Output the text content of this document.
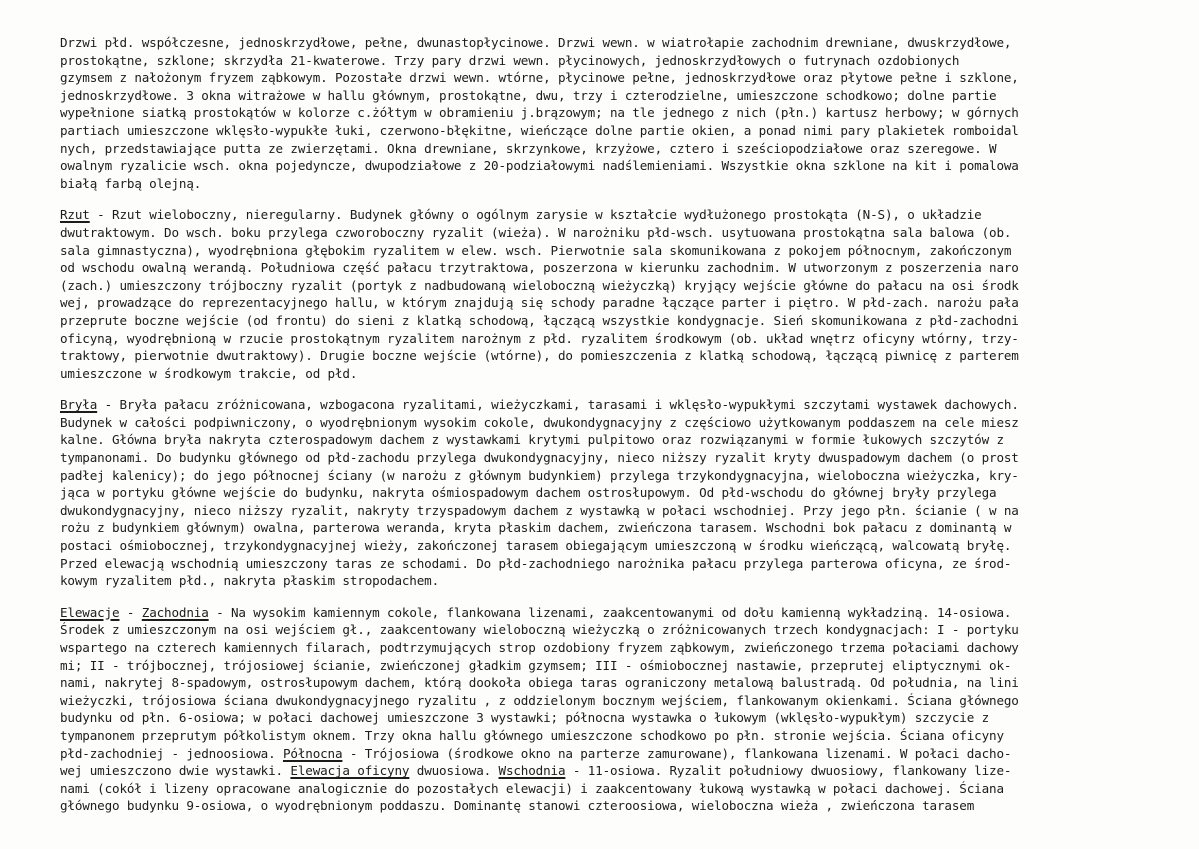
Drzwi płd. współczesne, jednoskrzydłowe, pełne, dwunastopłycinowe. Drzwi wewn. w wiatrołapie zachodnim drewniane, dwuskrzydłowe,
prostokątne, szklone; skrzydła 21-kwaterowe. Trzy pary drzwi wewn. płycinowych, jednoskrzydłowych o futrynach ozdobionych
gzymsem z nałożonym fryzem ząbkowym. Pozostałe drzwi wewn. wtórne, płycinowe pełne, jednoskrzydłowe oraz płytowe pełne i szklone,
jednoskrzydłowe. 3 okna witrażowe w hallu głównym, prostokątne, dwu, trzy i czterodzielne, umieszczone schodkowo; dolne partie
wypełnione siatką prostokątów w kolorze c.żółtym w obramieniu j.brązowym; na tle jednego z nich (płn.) kartusz herbowy; w górnych
partiach umieszczone wklęsło-wypukłe łuki, czerwono-błękitne, wieńczące dolne partie okien, a ponad nimi pary plakietek romboidal
nych, przedstawiające putta ze zwierzętami. Okna drewniane, skrzynkowe, krzyżowe, cztero i sześciopodziałowe oraz szeregowe. W
owalnym ryzalicie wsch. okna pojedyncze, dwupodziałowe z 20-podziałowymi nadślemieniami. Wszystkie okna szklone na kit i pomalowa
białą farbą olejną.
Rzut - Rzut wieloboczny, nieregularny. Budynek główny o ogólnym zarysie w kształcie wydłużonego prostokąta (N-S), o układzie
dwutraktowym. Do wsch. boku przylega czworoboczny ryzalit (wieża). W narożniku płd-wsch. usytuowana prostokątna sala balowa (ob.
sala gimnastyczna), wyodrębniona głębokim ryzalitem w elew. wsch. Pierwotnie sala skomunikowana z pokojem północnym, zakończonym
od wschodu owalną werandą. Południowa część pałacu trzytraktowa, poszerzona w kierunku zachodnim. W utworzonym z poszerzenia naro
(zach.) umieszczony trójboczny ryzalit (portyk z nadbudowaną wieloboczną wieżyczką) kryjący wejście główne do pałacu na osi środk
wej, prowadzące do reprezentacyjnego hallu, w którym znajdują się schody paradne łączące parter i piętro. W płd-zach. narożu pała
przeprute boczne wejście (od frontu) do sieni z klatką schodową, łączącą wszystkie kondygnacje. Sień skomunikowana z płd-zachodni
oficyną, wyodrębnioną w rzucie prostokątnym ryzalitem narożnym z płd. ryzalitem środkowym (ob. układ wnętrz oficyny wtórny, trzy-
traktowy, pierwotnie dwutraktowy). Drugie boczne wejście (wtórne), do pomieszczenia z klatką schodową, łączącą piwnicę z parterem
umieszczone w środkowym trakcie, od płd.
Bryła - Bryła pałacu zróżnicowana, wzbogacona ryzalitami, wieżyczkami, tarasami i wklęsło-wypukłymi szczytami wystawek dachowych.
Budynek w całości podpiwniczony, o wyodrębnionym wysokim cokole, dwukondygnacyjny z częściowo użytkowanym poddaszem na cele miesz
kalne. Główna bryła nakryta czterospadowym dachem z wystawkami krytymi pulpitowo oraz rozwiązanymi w formie łukowych szczytów z
tympanonami. Do budynku głównego od płd-zachodu przylega dwukondygnacyjny, nieco niższy ryzalit kryty dwuspadowym dachem (o prost
padłej kalenicy); do jego północnej ściany (w narożu z głównym budynkiem) przylega trzykondygnacyjna, wieloboczna wieżyczka, kry-
jąca w portyku główne wejście do budynku, nakryta ośmiospadowym dachem ostrosłupowym. Od płd-wschodu do głównej bryły przylega
dwukondygnacyjny, nieco niższy ryzalit, nakryty trzyspadowym dachem z wystawką w połaci wschodniej. Przy jego płn. ścianie ( w na
rożu z budynkiem głównym) owalna, parterowa weranda, kryta płaskim dachem, zwieńczona tarasem. Wschodni bok pałacu z dominantą w
postaci ośmiobocznej, trzykondygnacyjnej wieży, zakończonej tarasem obiegającym umieszczoną w środku wieńczącą, walcowatą bryłę.
Przed elewacją wschodnią umieszczony taras ze schodami. Do płd-zachodniego narożnika pałacu przylega parterowa oficyna, ze środ-
kowym ryzalitem płd., nakryta płaskim stropodachem.
Elewacje - Zachodnia - Na wysokim kamiennym cokole, flankowana lizenami, zaakcentowanymi od dołu kamienną wykładziną. 14-osiowa.
Środek z umieszczonym na osi wejściem gł., zaakcentowany wieloboczną wieżyczką o zróżnicowanych trzech kondygnacjach: I - portyku
wspartego na czterech kamiennych filarach, podtrzymujących strop ozdobiony fryzem ząbkowym, zwieńczonego trzema połaciami dachowy
mi; II - trójbocznej, trójosiowej ścianie, zwieńczonej gładkim gzymsem; III - ośmiobocznej nastawie, przeprutej eliptycznymi ok-
nami, nakrytej 8-spadowym, ostrosłupowym dachem, którą dookoła obiega taras ograniczony metalową balustradą. Od południa, na lini
wieżyczki, trójosiowa ściana dwukondygnacyjnego ryzalitu , z oddzielonym bocznym wejściem, flankowanym okienkami. Ściana głównego
budynku od płn. 6-osiowa; w połaci dachowej umieszczone 3 wystawki; północna wystawka o łukowym (wklęsło-wypukłym) szczycie z
tympanonem przeprutym półkolistym oknem. Trzy okna hallu głównego umieszczone schodkowo po płn. stronie wejścia. Ściana oficyny
płd-zachodniej - jednoosiowa. Północna - Trójosiowa (środkowe okno na parterze zamurowane), flankowana lizenami. W połaci dacho-
wej umieszczono dwie wystawki. Elewacja oficyny dwuosiowa. Wschodnia - 11-osiowa. Ryzalit południowy dwuosiowy, flankowany lize-
nami (cokół i lizeny opracowane analogicznie do pozostałych elewacji) i zaakcentowany łukową wystawką w połaci dachowej. Ściana
głównego budynku 9-osiowa, o wyodrębnionym poddaszu. Dominantę stanowi czteroosiowa, wieloboczna wieża , zwieńczona tarasem
